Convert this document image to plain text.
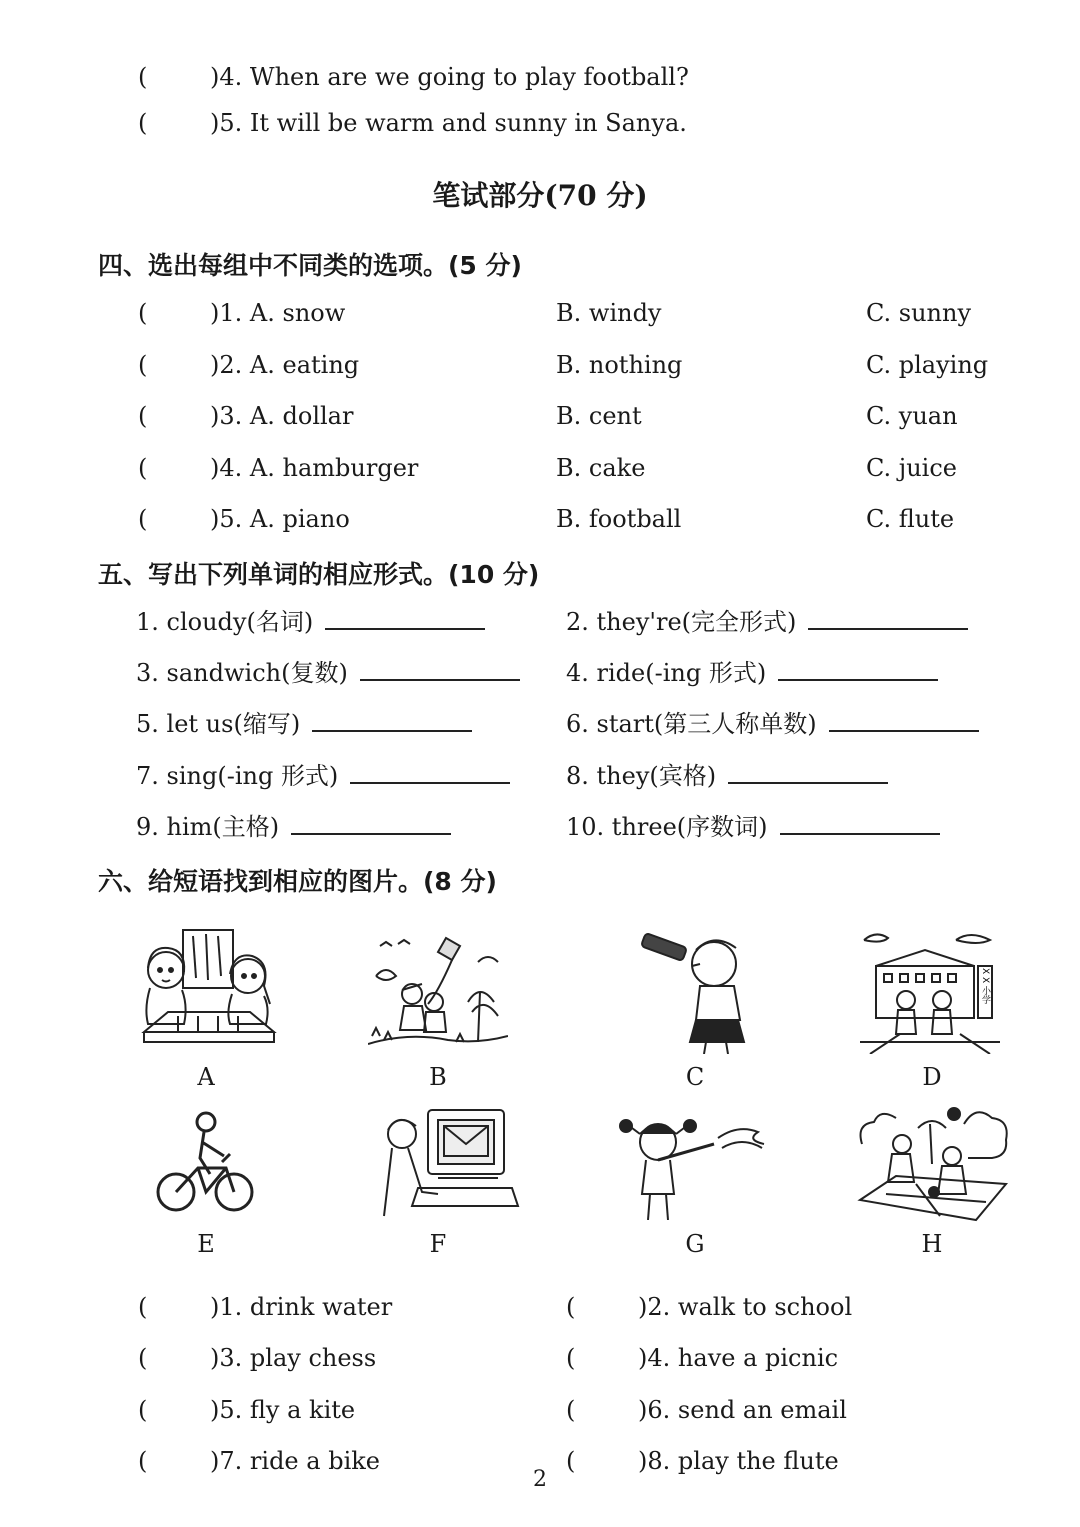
(	)4. When are we going to play football?
(	)5. It will be warm and sunny in Sanya.
笔试部分(70 分)
四、选出每组中不同类的选项。(5 分)
(	)1. A. snow	B. windy	C. sunny
(	)2. A. eating	B. nothing	C. playing
(	)3. A. dollar	B. cent	C. yuan
(	)4. A. hamburger	B. cake	C. juice
(	)5. A. piano	B. football	C. flute
五、写出下列单词的相应形式。(10 分)
1. cloudy(名词)	2. they're(完全形式)
3. sandwich(复数)	4. ride(-ing 形式)
5. let us(缩写)	6. start(第三人称单数)
7. sing(-ing 形式)	8. they(宾格)
9. him(主格)	10. three(序数词)
六、给短语找到相应的图片。(8 分)
A	B	C
X X 小学
D
E	F	G	H
(	)1. drink water	(	)2. walk to school
(	)3. play chess	(	)4. have a picnic
(	)5. fly a kite	(	)6. send an email
(	)7. ride a bike	(	)8. play the flute
2
